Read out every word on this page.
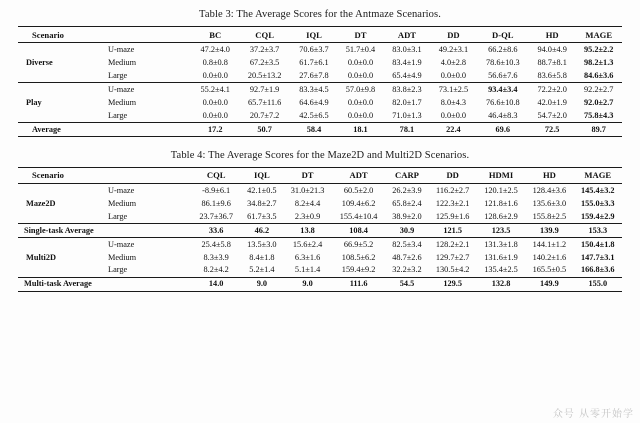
Table 3: The Average Scores for the Antmaze Scenarios.
Scenario		BC	CQL	IQL	DT	ADT	DD	D-QL	HD	MAGE
Diverse	U-maze	47.2±4.0	37.2±3.7	70.6±3.7	51.7±0.4	83.0±3.1	49.2±3.1	66.2±8.6	94.0±4.9	95.2±2.2
	Medium	0.8±0.8	67.2±3.5	61.7±6.1	0.0±0.0	83.4±1.9	4.0±2.8	78.6±10.3	88.7±8.1	98.2±1.3
	Large	0.0±0.0	20.5±13.2	27.6±7.8	0.0±0.0	65.4±4.9	0.0±0.0	56.6±7.6	83.6±5.8	84.6±3.6
Play	U-maze	55.2±4.1	92.7±1.9	83.3±4.5	57.0±9.8	83.8±2.3	73.1±2.5	93.4±3.4	72.2±2.0	92.2±2.7
	Medium	0.0±0.0	65.7±11.6	64.6±4.9	0.0±0.0	82.0±1.7	8.0±4.3	76.6±10.8	42.0±1.9	92.0±2.7
	Large	0.0±0.0	20.7±7.2	42.5±6.5	0.0±0.0	71.0±1.3	0.0±0.0	46.4±8.3	54.7±2.0	75.8±4.3
Average		17.2	50.7	58.4	18.1	78.1	22.4	69.6	72.5	89.7
Table 4: The Average Scores for the Maze2D and Multi2D Scenarios.
Scenario		CQL	IQL	DT	ADT	CARP	DD	HDMI	HD	MAGE
Maze2D	U-maze	-8.9±6.1	42.1±0.5	31.0±21.3	60.5±2.0	26.2±3.9	116.2±2.7	120.1±2.5	128.4±3.6	145.4±3.2
	Medium	86.1±9.6	34.8±2.7	8.2±4.4	109.4±6.2	65.8±2.4	122.3±2.1	121.8±1.6	135.6±3.0	155.0±3.3
	Large	23.7±36.7	61.7±3.5	2.3±0.9	155.4±10.4	38.9±2.0	125.9±1.6	128.6±2.9	155.8±2.5	159.4±2.9
Single-task Average		33.6	46.2	13.8	108.4	30.9	121.5	123.5	139.9	153.3
Multi2D	U-maze	25.4±5.8	13.5±3.0	15.6±2.4	66.9±5.2	82.5±3.4	128.2±2.1	131.3±1.8	144.1±1.2	150.4±1.8
	Medium	8.3±3.9	8.4±1.8	6.3±1.6	108.5±6.2	48.7±2.6	129.7±2.7	131.6±1.9	140.2±1.6	147.7±3.1
	Large	8.2±4.2	5.2±1.4	5.1±1.4	159.4±9.2	32.2±3.2	130.5±4.2	135.4±2.5	165.5±0.5	166.8±3.6
Multi-task Average		14.0	9.0	9.0	111.6	54.5	129.5	132.8	149.9	155.0
众号 从零开始学
